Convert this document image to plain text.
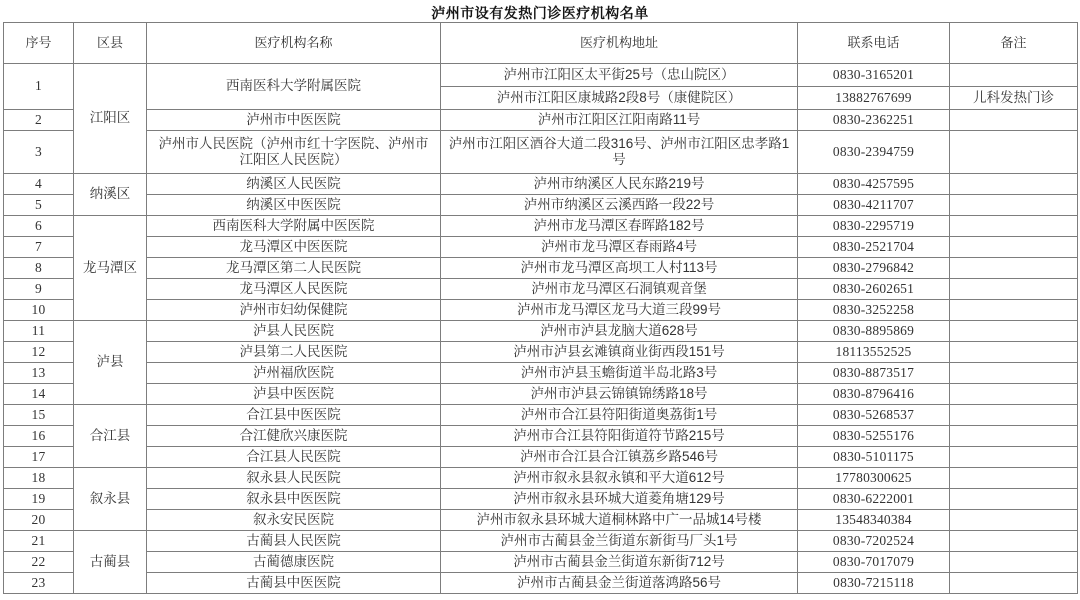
泸州市设有发热门诊医疗机构名单
序号	区县	医疗机构名称	医疗机构地址	联系电话	备注
1	江阳区	西南医科大学附属医院	泸州市江阳区太平街25号（忠山院区）	0830-3165201	
			泸州市江阳区康城路2段8号（康健院区）	13882767699	儿科发热门诊
2		泸州市中医医院	泸州市江阳区江阳南路11号	0830-2362251	
3		泸州市人民医院（泸州市红十字医院、泸州市江阳区人民医院）	泸州市江阳区酒谷大道二段316号、泸州市江阳区忠孝路1号	0830-2394759	
4	纳溪区	纳溪区人民医院	泸州市纳溪区人民东路219号	0830-4257595	
5		纳溪区中医医院	泸州市纳溪区云溪西路一段22号	0830-4211707	
6	龙马潭区	西南医科大学附属中医医院	泸州市龙马潭区春晖路182号	0830-2295719	
7		龙马潭区中医医院	泸州市龙马潭区春雨路4号	0830-2521704	
8		龙马潭区第二人民医院	泸州市龙马潭区高坝工人村113号	0830-2796842	
9		龙马潭区人民医院	泸州市龙马潭区石洞镇观音堡	0830-2602651	
10		泸州市妇幼保健院	泸州市龙马潭区龙马大道三段99号	0830-3252258	
11	泸县	泸县人民医院	泸州市泸县龙脑大道628号	0830-8895869	
12		泸县第二人民医院	泸州市泸县玄滩镇商业街西段151号	18113552525	
13		泸州福欣医院	泸州市泸县玉蟾街道半岛北路3号	0830-8873517	
14		泸县中医医院	泸州市泸县云锦镇锦绣路18号	0830-8796416	
15	合江县	合江县中医医院	泸州市合江县符阳街道奥荔街1号	0830-5268537	
16		合江健欣兴康医院	泸州市合江县符阳街道符节路215号	0830-5255176	
17		合江县人民医院	泸州市合江县合江镇荔乡路546号	0830-5101175	
18	叙永县	叙永县人民医院	泸州市叙永县叙永镇和平大道612号	17780300625	
19		叙永县中医医院	泸州市叙永县环城大道菱角塘129号	0830-6222001	
20		叙永安民医院	泸州市叙永县环城大道桐林路中广一品城14号楼	13548340384	
21	古蔺县	古蔺县人民医院	泸州市古蔺县金兰街道东新街马厂头1号	0830-7202524	
22		古蔺德康医院	泸州市古蔺县金兰街道东新街712号	0830-7017079	
23		古蔺县中医医院	泸州市古蔺县金兰街道落鸿路56号	0830-7215118	
